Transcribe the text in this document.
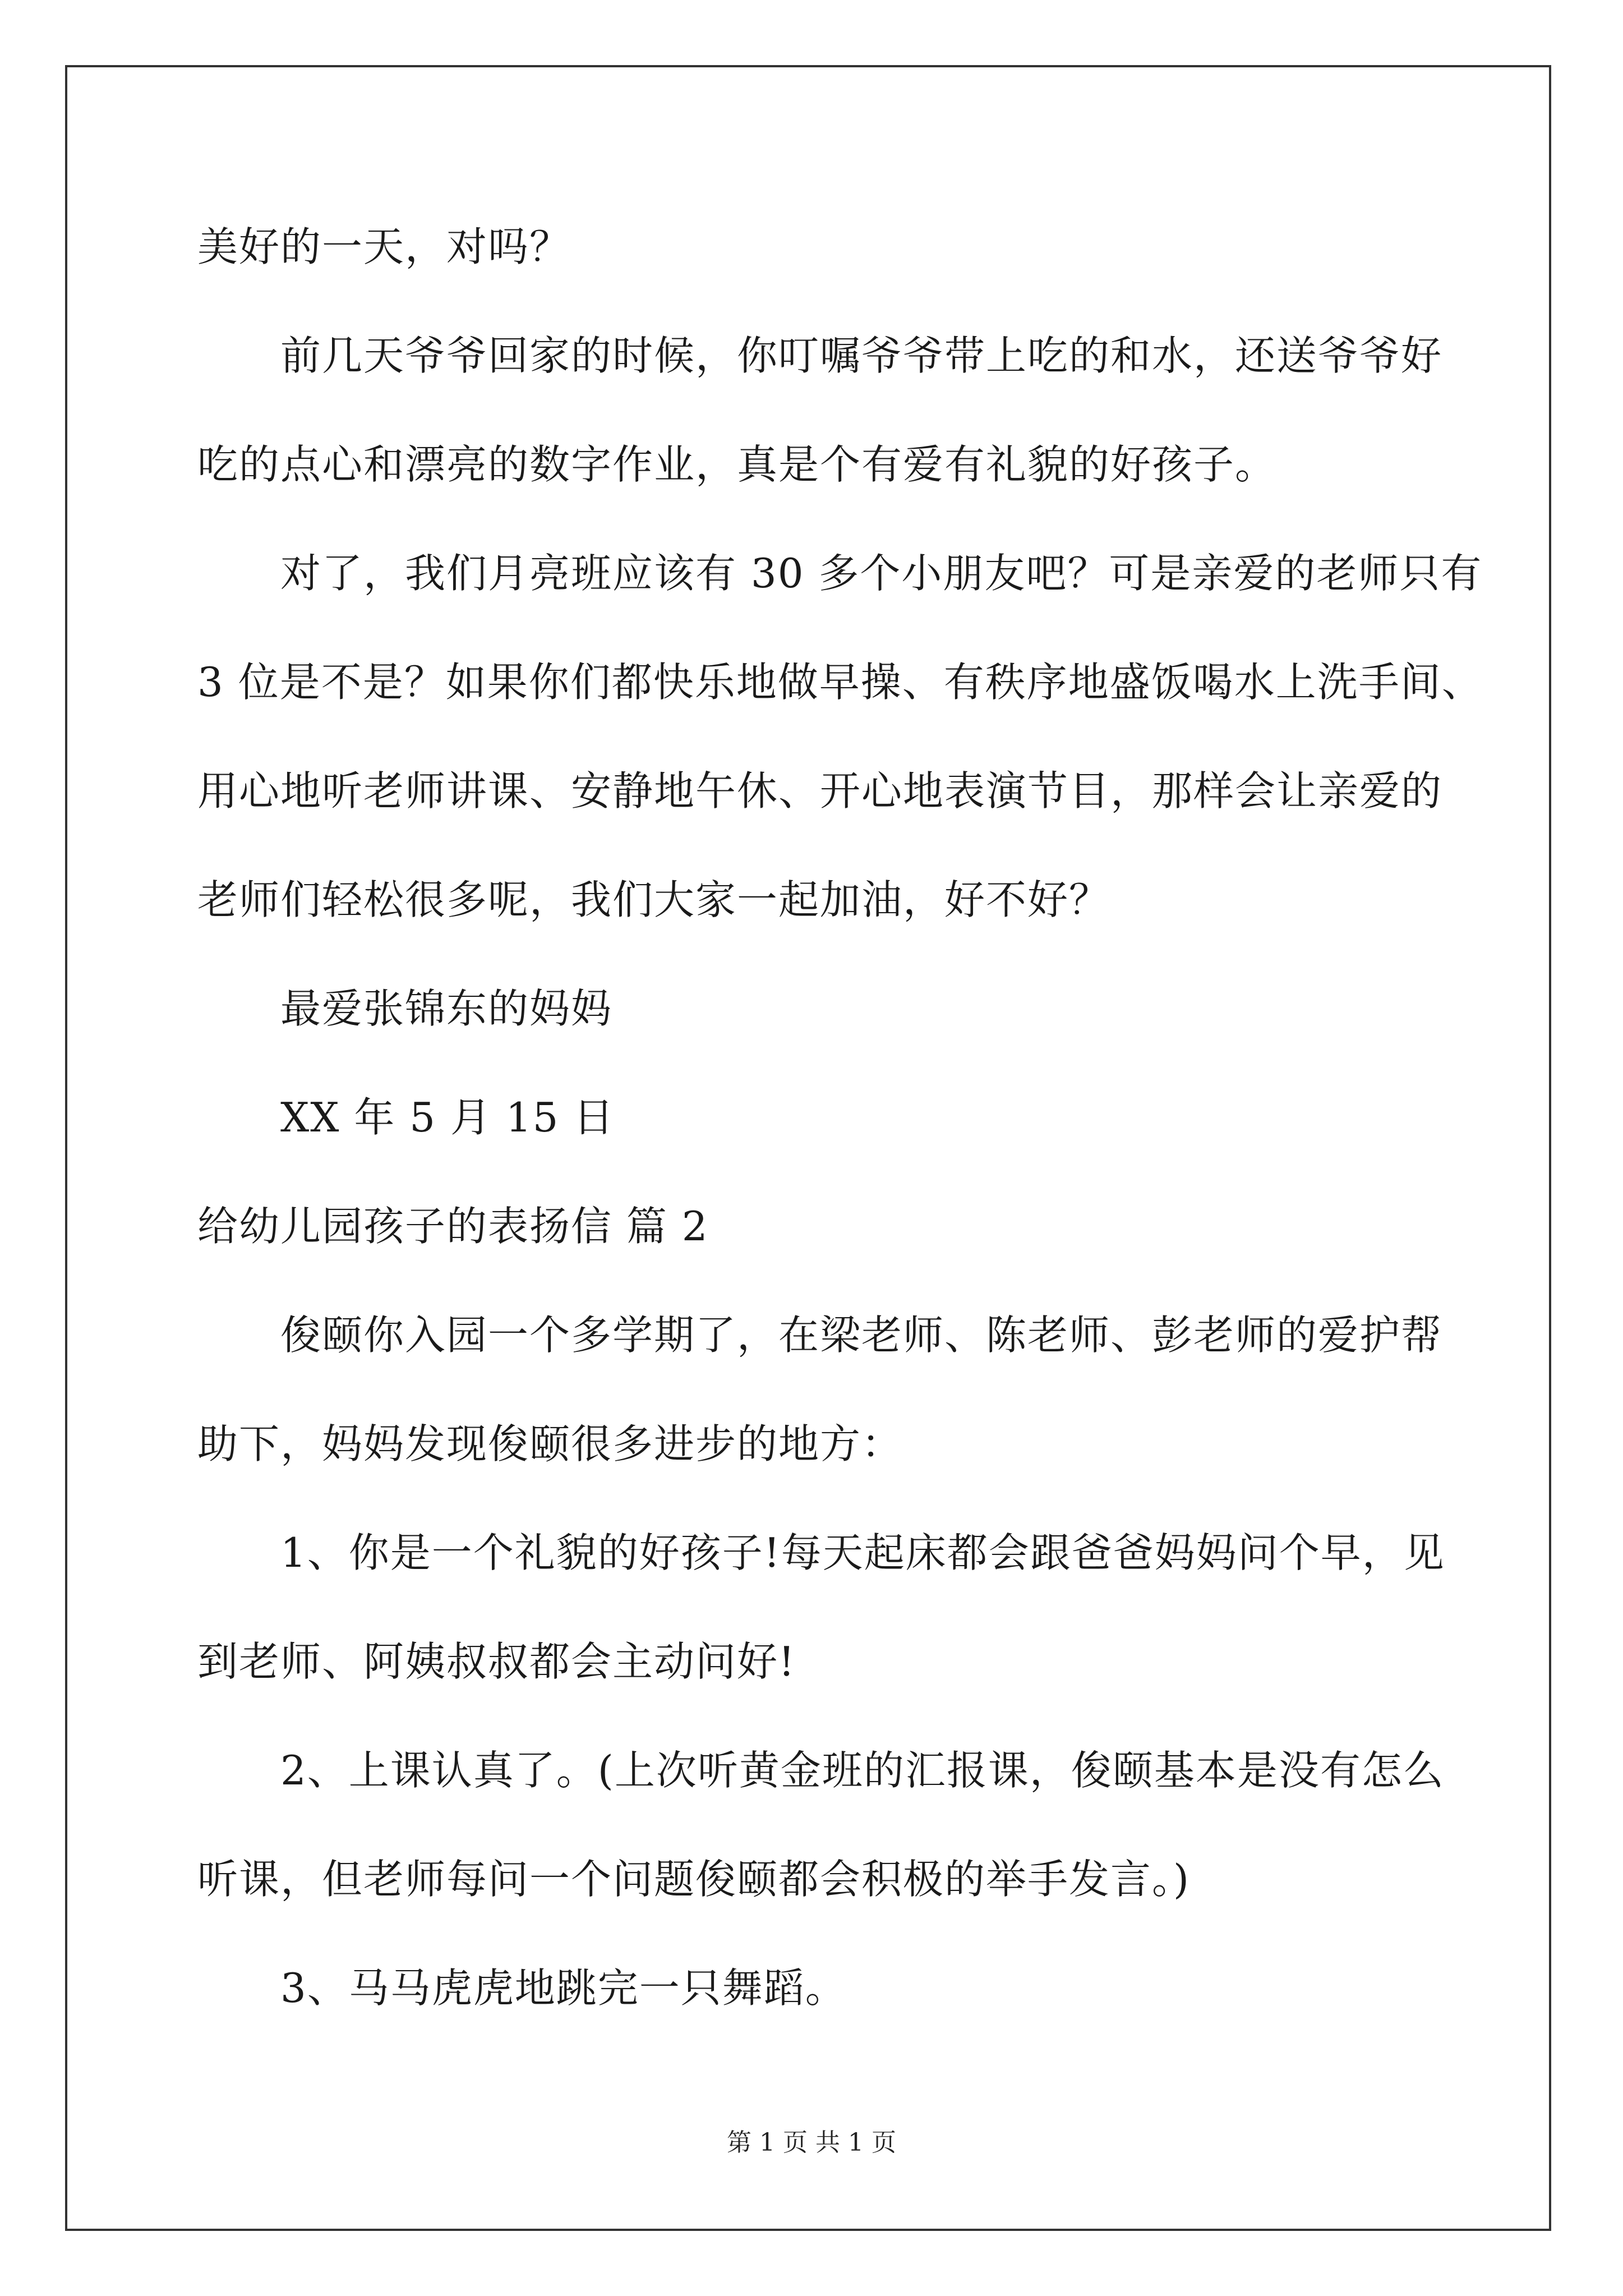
美好的一天，对吗？
前几天爷爷回家的时候，你叮嘱爷爷带上吃的和水，还送爷爷好
吃的点心和漂亮的数字作业，真是个有爱有礼貌的好孩子。
对了，我们月亮班应该有 30 多个小朋友吧？可是亲爱的老师只有
3 位是不是？如果你们都快乐地做早操、有秩序地盛饭喝水上洗手间、
用心地听老师讲课、安静地午休、开心地表演节目，那样会让亲爱的
老师们轻松很多呢，我们大家一起加油，好不好？
最爱张锦东的妈妈
XX 年 5 月 15 日
给幼儿园孩子的表扬信 篇 2
俊颐你入园一个多学期了，在梁老师、陈老师、彭老师的爱护帮
助下，妈妈发现俊颐很多进步的地方：
1、你是一个礼貌的好孩子!每天起床都会跟爸爸妈妈问个早，见
到老师、阿姨叔叔都会主动问好!
2、上课认真了。(上次听黄金班的汇报课，俊颐基本是没有怎么
听课，但老师每问一个问题俊颐都会积极的举手发言。)
3、马马虎虎地跳完一只舞蹈。
第 1 页 共 1 页
